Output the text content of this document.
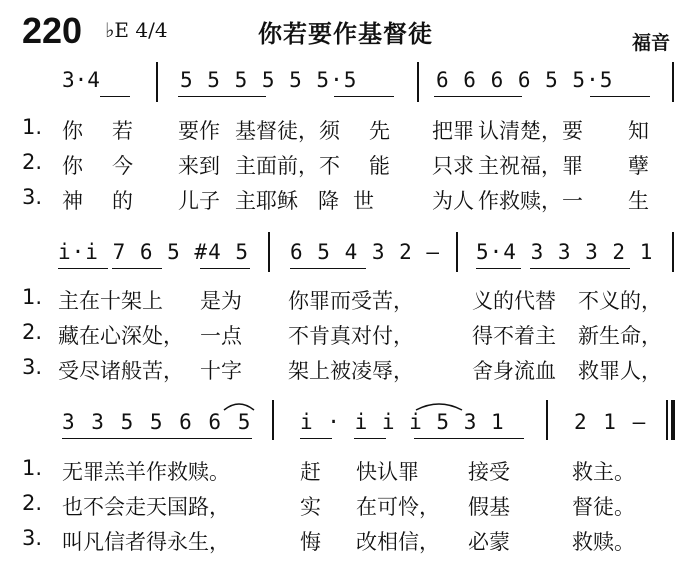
220 ♭E 4/4	你若要作基督徒	福音
3·4	5 5 5 5 5 5·5	6 6 6 6 5 5·5
1. 你 若 要作 基督徒，须 先 把罪 认清楚，要 知
2. 你 今 来到 主面前，不 能 只求 主祝福，罪 孽
3. 神 的 儿子 主耶稣 降世 为人 作救赎，一 生
i·i 7 6 5 #4 5 6 5 4 3 2 — 5·4 3 3 3 2 1
1. 主在十架上 是为 你罪而受苦，	义的代替 不义的，
2. 藏在心深处， 一点 不肯真对付，	得不着主 新生命，
3. 受尽诸般苦， 十字 架上被凌辱，	舍身流血 救罪人，
3 3 5 5 6 6 5 i · i i i 5 3 1	2 1 —
1. 无罪羔羊作救赎。	赶 快认罪 接受	救主。
2. 也不会走天国路，	实 在可怜， 假基	督徒。
3. 叫凡信者得永生，	悔 改相信， 必蒙	救赎。
